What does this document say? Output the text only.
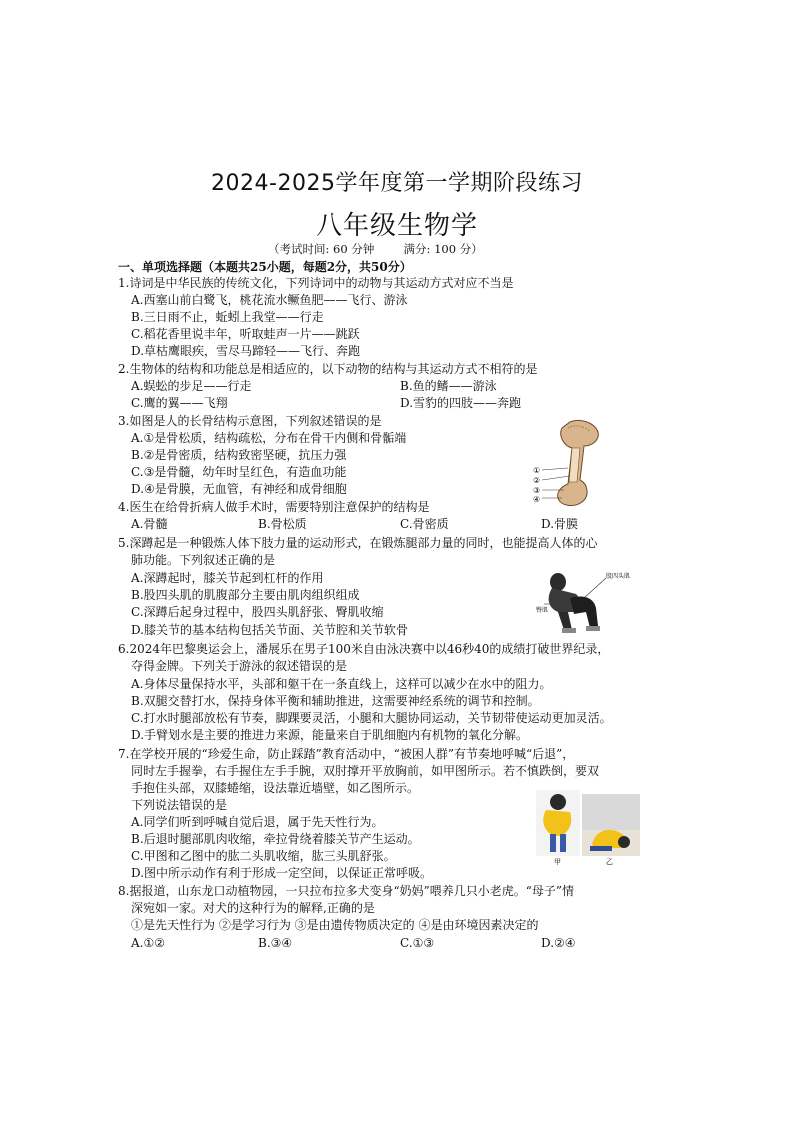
2024-2025学年度第一学期阶段练习
八年级生物学
（考试时间: 60 分钟        满分: 100 分）
一、单项选择题（本题共25小题，每题2分，共50分）
1.诗词是中华民族的传统文化，下列诗词中的动物与其运动方式对应不当是
A.西塞山前白鹭飞，桃花流水鳜鱼肥——飞行、游泳
B.三日雨不止，蚯蚓上我堂——行走
C.稻花香里说丰年，听取蛙声一片——跳跃
D.草枯鹰眼疾，雪尽马蹄轻——飞行、奔跑
2.生物体的结构和功能总是相适应的，以下动物的结构与其运动方式不相符的是
A.蜈蚣的步足——行走	B.鱼的鳍——游泳
C.鹰的翼——飞翔	D.雪豹的四肢——奔跑
3.如图是人的长骨结构示意图，下列叙述错误的是
A.①是骨松质，结构疏松，分布在骨干内侧和骨骺端
B.②是骨密质，结构致密坚硬，抗压力强
C.③是骨髓，幼年时呈红色，有造血功能
D.④是骨膜，无血管，有神经和成骨细胞
①
②
③
④
4.医生在给骨折病人做手术时，需要特别注意保护的结构是
A.骨髓	B.骨松质	C.骨密质	D.骨膜
5.深蹲起是一种锻炼人体下肢力量的运动形式，在锻炼腿部力量的同时，也能提高人体的心
肺功能。下列叙述正确的是
A.深蹲起时，膝关节起到杠杆的作用
B.股四头肌的肌腹部分主要由肌肉组织组成
C.深蹲后起身过程中，股四头肌舒张、臀肌收缩
D.膝关节的基本结构包括关节面、关节腔和关节软骨
股四头肌
臀肌
6.2024年巴黎奥运会上，潘展乐在男子100米自由泳决赛中以46秒40的成绩打破世界纪录，
夺得金牌。下列关于游泳的叙述错误的是
A.身体尽量保持水平，头部和躯干在一条直线上，这样可以减少在水中的阻力。
B.双腿交替打水，保持身体平衡和辅助推进，这需要神经系统的调节和控制。
C.打水时腿部放松有节奏，脚踝要灵活，小腿和大腿协同运动，关节韧带使运动更加灵活。
D.手臂划水是主要的推进力来源，能量来自于肌细胞内有机物的氧化分解。
7.在学校开展的“珍爱生命，防止踩踏”教育活动中，“被困人群”有节奏地呼喊“后退”，
同时左手握拳，右手握住左手手腕，双肘撑开平放胸前，如甲图所示。若不慎跌倒，要双
手抱住头部，双膝蜷缩，设法靠近墙壁，如乙图所示。
下列说法错误的是
A.同学们听到呼喊自觉后退，属于先天性行为。
B.后退时腿部肌肉收缩，牵拉骨绕着膝关节产生运动。
C.甲图和乙图中的肱二头肌收缩，肱三头肌舒张。
D.图中所示动作有利于形成一定空间，以保证正常呼吸。
甲	乙
8.据报道，山东龙口动植物园，一只拉布拉多犬变身“奶妈”喂养几只小老虎。“母子”情
深宛如一家。对犬的这种行为的解释,正确的是
①是先天性行为 ②是学习行为 ③是由遗传物质决定的 ④是由环境因素决定的
A.①②	B.③④	C.①③	D.②④
